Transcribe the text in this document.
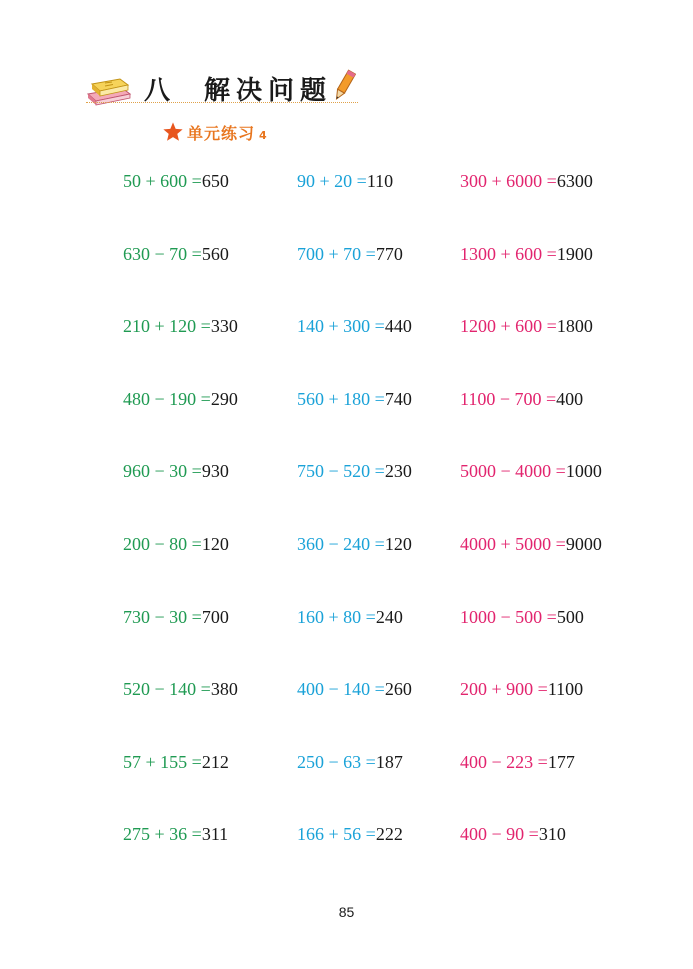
八 解决问题
单元练习 4
50 + 600 =650	90 + 20 =110	300 + 6000 =6300
630 − 70 =560	700 + 70 =770	1300 + 600 =1900
210 + 120 =330	140 + 300 =440	1200 + 600 =1800
480 − 190 =290	560 + 180 =740	1100 − 700 =400
960 − 30 =930	750 − 520 =230	5000 − 4000 =1000
200 − 80 =120	360 − 240 =120	4000 + 5000 =9000
730 − 30 =700	160 + 80 =240	1000 − 500 =500
520 − 140 =380	400 − 140 =260	200 + 900 =1100
57 + 155 =212	250 − 63 =187	400 − 223 =177
275 + 36 =311	166 + 56 =222	400 − 90 =310
85
